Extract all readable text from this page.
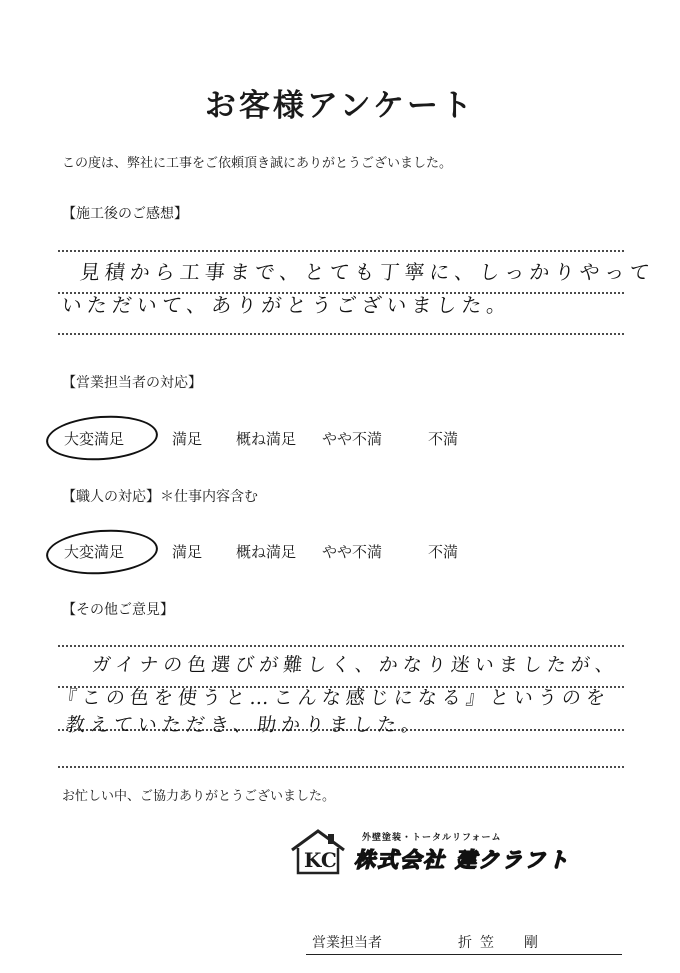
お客様アンケート
この度は、弊社に工事をご依頼頂き誠にありがとうございました。
【施工後のご感想】
見積から工事まで、とても丁寧に、しっかりやって
いただいて、ありがとうございました。
【営業担当者の対応】
大変満足	満足 概ね満足 やや不満	不満
【職人の対応】＊仕事内容含む
大変満足	満足 概ね満足 やや不満	不満
【その他ご意見】
ガイナの色選びが難しく、かなり迷いましたが、
『この色を使うと…こんな感じになる』というのを
教えていただき、助かりました。
お忙しい中、ご協力ありがとうございました。
KC
外壁塗装・トータルリフォーム
株式会社 建クラフト
営業担当者	折笠　剛
